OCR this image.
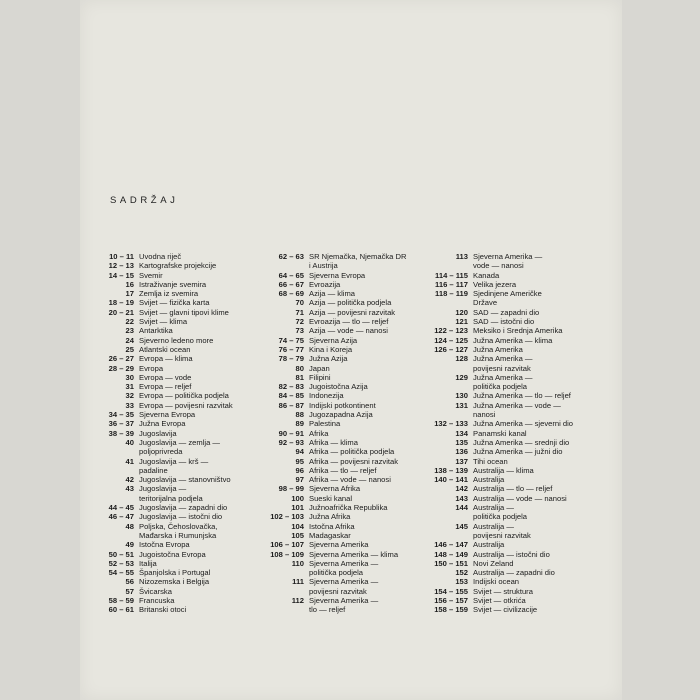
SADRŽAJ
10 – 11 Uvodna riječ
12 – 13 Kartografske projekcije
14 – 15 Svemir
16 Istraživanje svemira
17 Zemlja iz svemira
18 – 19 Svijet — fizička karta
20 – 21 Svijet — glavni tipovi klime
22 Svijet — klima
23 Antarktika
24 Sjeverno ledeno more
25 Atlantski ocean
26 – 27 Evropa — klima
28 – 29 Evropa
30 Evropa — vode
31 Evropa — reljef
32 Evropa — politička podjela
33 Evropa — povijesni razvitak
34 – 35 Sjeverna Evropa
36 – 37 Južna Evropa
38 – 39 Jugoslavija
40 Jugoslavija — zemlja —
poljoprivreda
41 Jugoslavija — krš —
padaline
42 Jugoslavija — stanovništvo
43 Jugoslavija —
teritorijalna podjela
44 – 45 Jugoslavija — zapadni dio
46 – 47 Jugoslavija — istočni dio
48 Poljska, Čehoslovačka,
Mađarska i Rumunjska
49 Istočna Evropa
50 – 51 Jugoistočna Evropa
52 – 53 Italija
54 – 55 Španjolska i Portugal
56 Nizozemska i Belgija
57 Švicarska
58 – 59 Francuska
60 – 61 Britanski otoci
62 – 63 SR Njemačka, Njemačka DR
i Austrija
64 – 65 Sjeverna Evropa
66 – 67 Evroazija
68 – 69 Azija — klima
70 Azija — politička podjela
71 Azija — povijesni razvitak
72 Evroazija — tlo — reljef
73 Azija — vode — nanosi
74 – 75 Sjeverna Azija
76 – 77 Kina i Koreja
78 – 79 Južna Azija
80 Japan
81 Filipini
82 – 83 Jugoistočna Azija
84 – 85 Indonezija
86 – 87 Indijski potkontinent
88 Jugozapadna Azija
89 Palestina
90 – 91 Afrika
92 – 93 Afrika — klima
94 Afrika — politička podjela
95 Afrika — povijesni razvitak
96 Afrika — tlo — reljef
97 Afrika — vode — nanosi
98 – 99 Sjeverna Afrika
100 Sueski kanal
101 Južnoafrička Republika
102 – 103 Južna Afrika
104 Istočna Afrika
105 Madagaskar
106 – 107 Sjeverna Amerika
108 – 109 Sjeverna Amerika — klima
110 Sjeverna Amerika —
politička podjela
111 Sjeverna Amerika —
povijesni razvitak
112 Sjeverna Amerika —
tlo — reljef
113 Sjeverna Amerika —
vode — nanosi
114 – 115 Kanada
116 – 117 Velika jezera
118 – 119 Sjedinjene Američke
Države
120 SAD — zapadni dio
121 SAD — istočni dio
122 – 123 Meksiko i Srednja Amerika
124 – 125 Južna Amerika — klima
126 – 127 Južna Amerika
128 Južna Amerika —
povijesni razvitak
129 Južna Amerika —
politička podjela
130 Južna Amerika — tlo — reljef
131 Južna Amerika — vode —
nanosi
132 – 133 Južna Amerika — sjeverni dio
134 Panamski kanal
135 Južna Amerika — srednji dio
136 Južna Amerika — južni dio
137 Tihi ocean
138 – 139 Australija — klima
140 – 141 Australija
142 Australija — tlo — reljef
143 Australija — vode — nanosi
144 Australija —
politička podjela
145 Australija —
povijesni razvitak
146 – 147 Australija
148 – 149 Australija — istočni dio
150 – 151 Novi Zeland
152 Australija — zapadni dio
153 Indijski ocean
154 – 155 Svijet — struktura
156 – 157 Svijet — otkrića
158 – 159 Svijet — civilizacije
